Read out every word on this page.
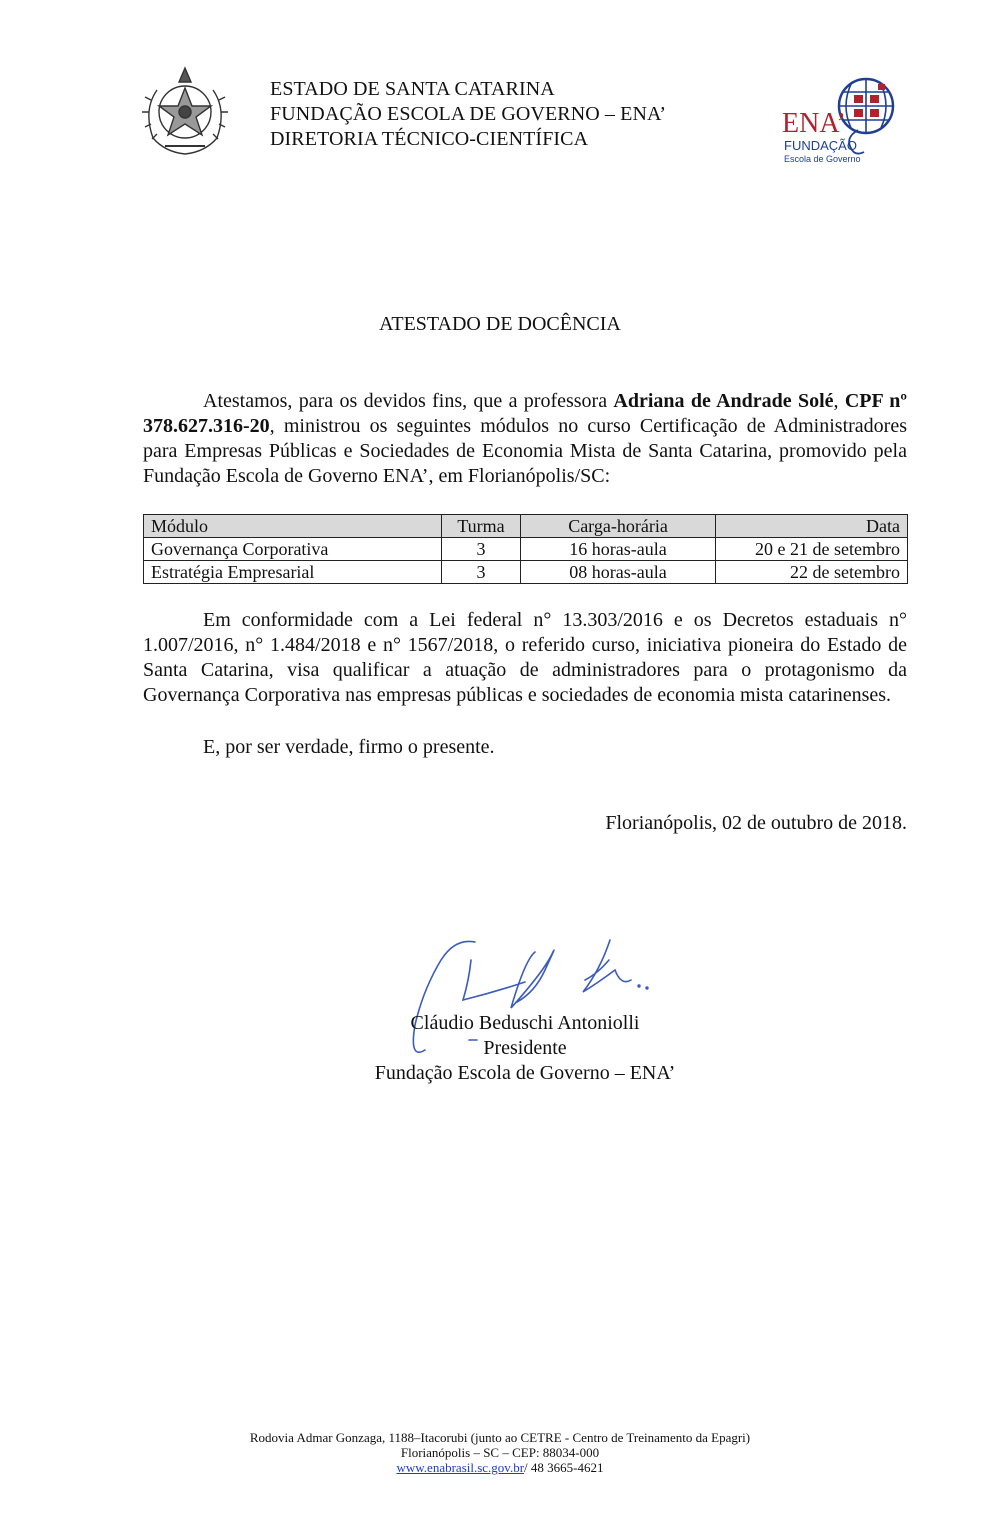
ESTADO DE SANTA CATARINA
FUNDAÇÃO ESCOLA DE GOVERNO – ENA’
DIRETORIA TÉCNICO-CIENTÍFICA	ENA’
FUNDAÇÃO
Escola de Governo
ATESTADO DE DOCÊNCIA

Atestamos, para os devidos fins, que a professora Adriana de Andrade Solé, CPF nº 378.627.316-20, ministrou os seguintes módulos no curso Certificação de Administradores para Empresas Públicas e Sociedades de Economia Mista de Santa Catarina, promovido pela Fundação Escola de Governo ENA’, em Florianópolis/SC:

Módulo	Turma	Carga-horária	Data
Governança Corporativa	3	16 horas-aula	20 e 21 de setembro
Estratégia Empresarial	3	08 horas-aula	22 de setembro

Em conformidade com a Lei federal n° 13.303/2016 e os Decretos estaduais n° 1.007/2016, n° 1.484/2018 e n° 1567/2018, o referido curso, iniciativa pioneira do Estado de Santa Catarina, visa qualificar a atuação de administradores para o protagonismo da Governança Corporativa nas empresas públicas e sociedades de economia mista catarinenses.

E, por ser verdade, firmo o presente.

Florianópolis, 02 de outubro de 2018.
Cláudio Beduschi Antoniolli
Presidente
Fundação Escola de Governo – ENA’
Rodovia Admar Gonzaga, 1188–Itacorubi (junto ao CETRE - Centro de Treinamento da Epagri)
Florianópolis – SC – CEP: 88034-000
www.enabrasil.sc.gov.br/ 48 3665-4621
